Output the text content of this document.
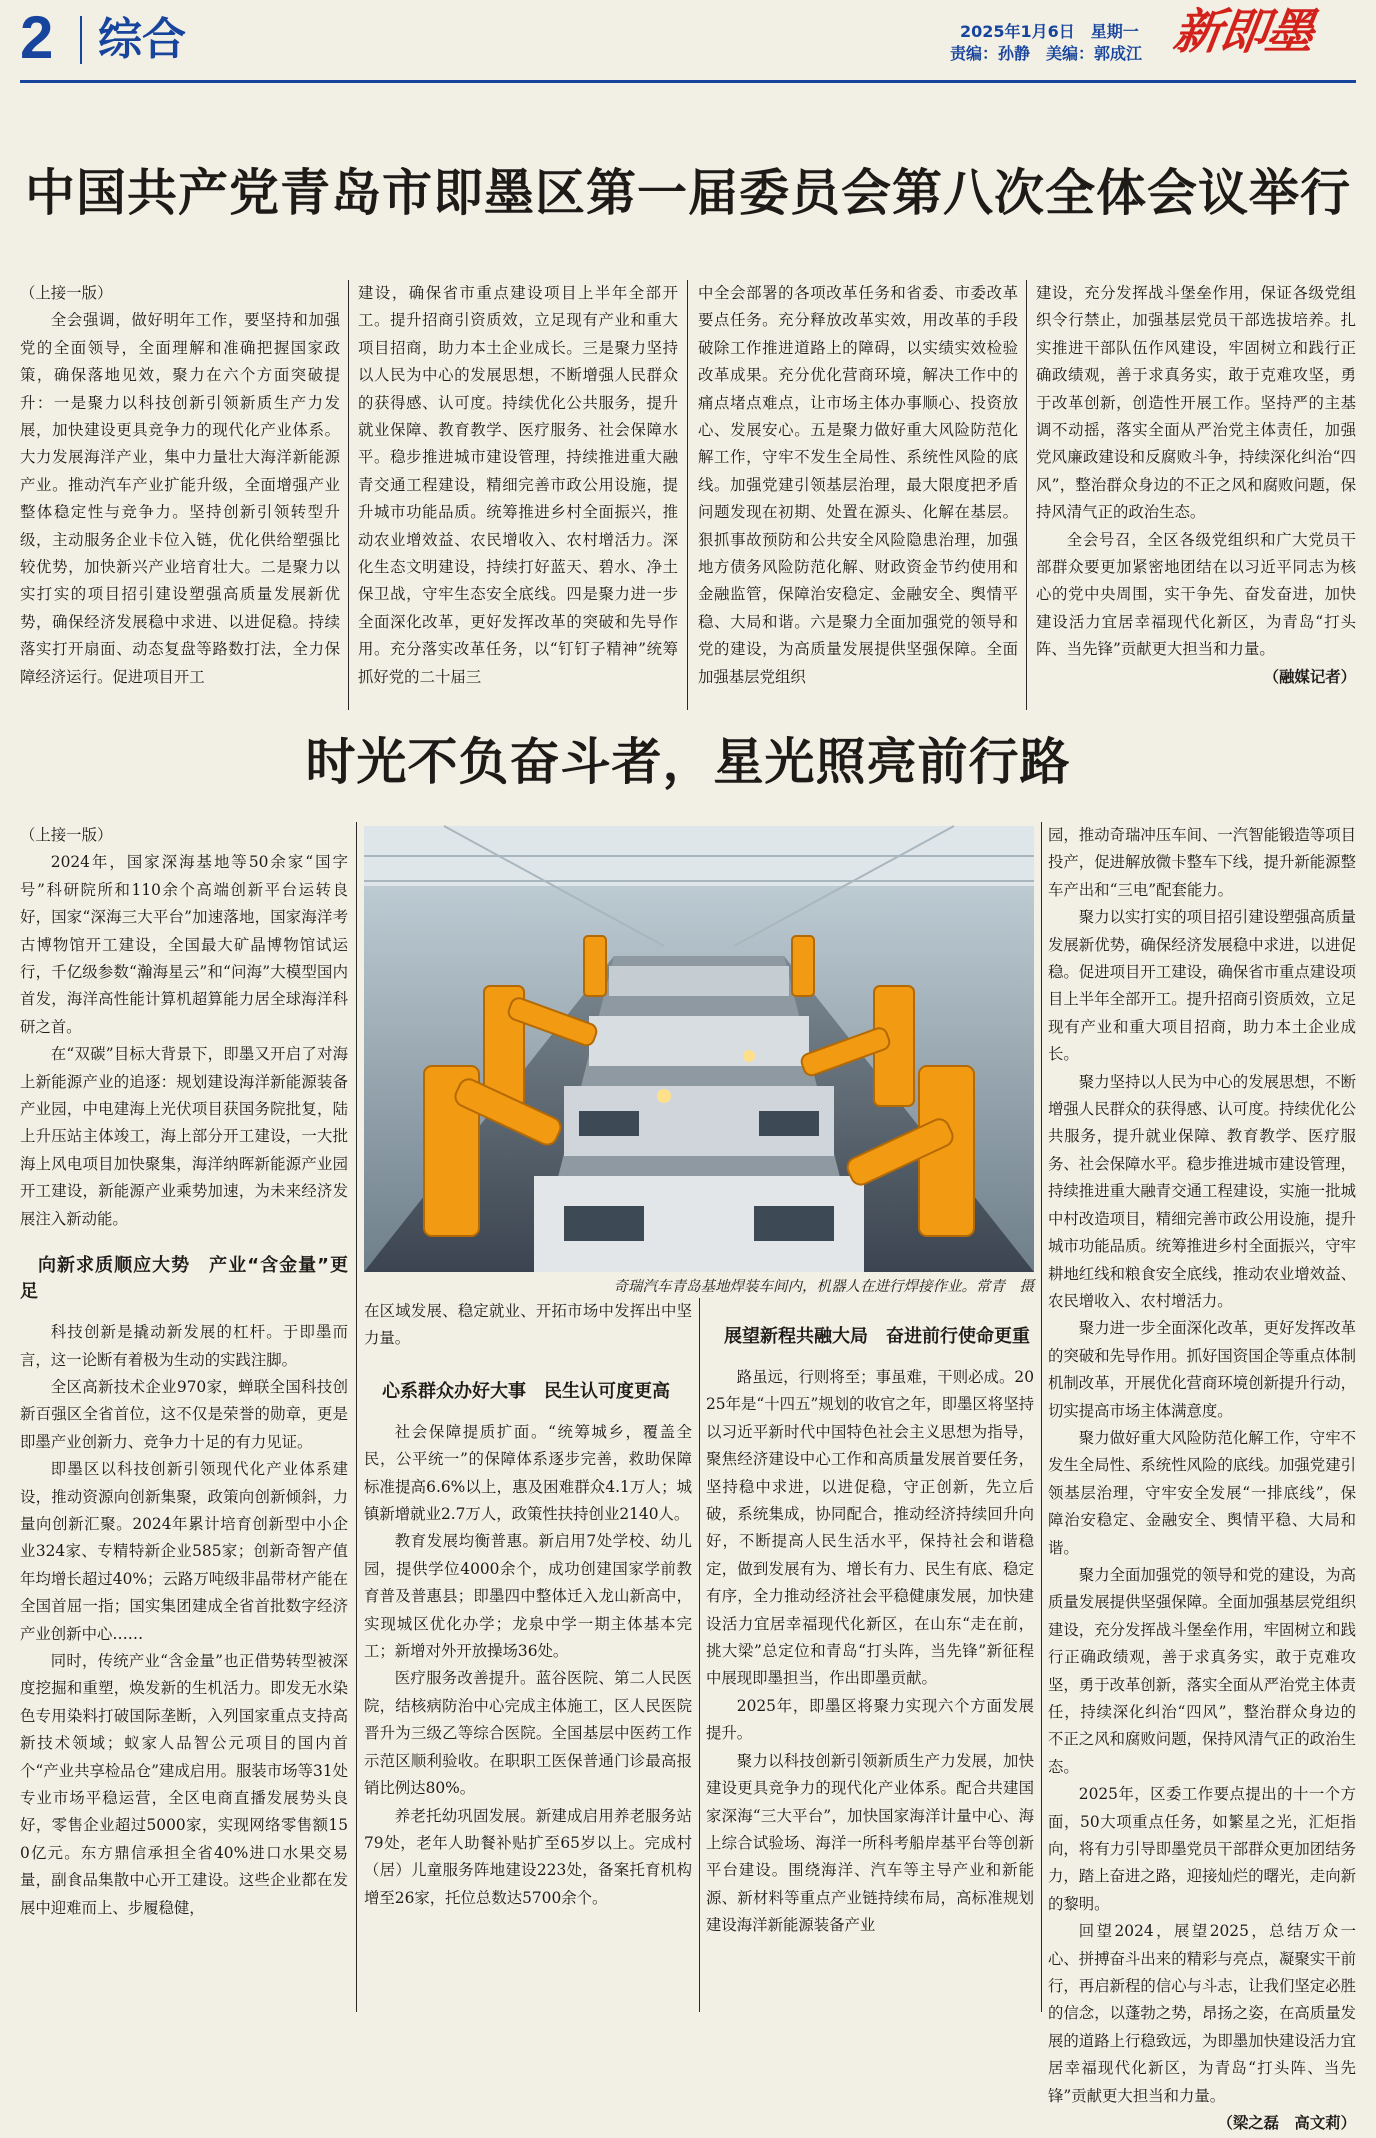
2 综合	2025年1月6日　星期一
责编：孙静　美编：郭成江 新即墨
中国共产党青岛市即墨区第一届委员会第八次全体会议举行

（上接一版）

全会强调，做好明年工作，要坚持和加强党的全面领导，全面理解和准确把握国家政策，确保落地见效，聚力在六个方面突破提升：一是聚力以科技创新引领新质生产力发展，加快建设更具竞争力的现代化产业体系。大力发展海洋产业，集中力量壮大海洋新能源产业。推动汽车产业扩能升级，全面增强产业整体稳定性与竞争力。坚持创新引领转型升级，主动服务企业卡位入链，优化供给塑强比较优势，加快新兴产业培育壮大。二是聚力以实打实的项目招引建设塑强高质量发展新优势，确保经济发展稳中求进、以进促稳。持续落实打开扇面、动态复盘等路数打法，全力保障经济运行。促进项目开工

建设，确保省市重点建设项目上半年全部开工。提升招商引资质效，立足现有产业和重大项目招商，助力本土企业成长。三是聚力坚持以人民为中心的发展思想，不断增强人民群众的获得感、认可度。持续优化公共服务，提升就业保障、教育教学、医疗服务、社会保障水平。稳步推进城市建设管理，持续推进重大融青交通工程建设，精细完善市政公用设施，提升城市功能品质。统筹推进乡村全面振兴，推动农业增效益、农民增收入、农村增活力。深化生态文明建设，持续打好蓝天、碧水、净土保卫战，守牢生态安全底线。四是聚力进一步全面深化改革，更好发挥改革的突破和先导作用。充分落实改革任务，以“钉钉子精神”统筹抓好党的二十届三

中全会部署的各项改革任务和省委、市委改革要点任务。充分释放改革实效，用改革的手段破除工作推进道路上的障碍，以实绩实效检验改革成果。充分优化营商环境，解决工作中的痛点堵点难点，让市场主体办事顺心、投资放心、发展安心。五是聚力做好重大风险防范化解工作，守牢不发生全局性、系统性风险的底线。加强党建引领基层治理，最大限度把矛盾问题发现在初期、处置在源头、化解在基层。狠抓事故预防和公共安全风险隐患治理，加强地方债务风险防范化解、财政资金节约使用和金融监管，保障治安稳定、金融安全、舆情平稳、大局和谐。六是聚力全面加强党的领导和党的建设，为高质量发展提供坚强保障。全面加强基层党组织

建设，充分发挥战斗堡垒作用，保证各级党组织令行禁止，加强基层党员干部选拔培养。扎实推进干部队伍作风建设，牢固树立和践行正确政绩观，善于求真务实，敢于克难攻坚，勇于改革创新，创造性开展工作。坚持严的主基调不动摇，落实全面从严治党主体责任，加强党风廉政建设和反腐败斗争，持续深化纠治“四风”，整治群众身边的不正之风和腐败问题，保持风清气正的政治生态。

全会号召，全区各级党组织和广大党员干部群众要更加紧密地团结在以习近平同志为核心的党中央周围，实干争先、奋发奋进，加快建设活力宜居幸福现代化新区，为青岛“打头阵、当先锋”贡献更大担当和力量。

（融媒记者）

时光不负奋斗者，星光照亮前行路

（上接一版）

2024年，国家深海基地等50余家“国字号”科研院所和110余个高端创新平台运转良好，国家“深海三大平台”加速落地，国家海洋考古博物馆开工建设，全国最大矿晶博物馆试运行，千亿级参数“瀚海星云”和“问海”大模型国内首发，海洋高性能计算机超算能力居全球海洋科研之首。

在“双碳”目标大背景下，即墨又开启了对海上新能源产业的追逐：规划建设海洋新能源装备产业园，中电建海上光伏项目获国务院批复，陆上升压站主体竣工，海上部分开工建设，一大批海上风电项目加快聚集，海洋纳晖新能源产业园开工建设，新能源产业乘势加速，为未来经济发展注入新动能。

向新求质顺应大势　产业“含金量”更足

科技创新是撬动新发展的杠杆。于即墨而言，这一论断有着极为生动的实践注脚。

全区高新技术企业970家，蝉联全国科技创新百强区全省首位，这不仅是荣誉的勋章，更是即墨产业创新力、竞争力十足的有力见证。

即墨区以科技创新引领现代化产业体系建设，推动资源向创新集聚，政策向创新倾斜，力量向创新汇聚。2024年累计培育创新型中小企业324家、专精特新企业585家；创新奇智产值年均增长超过40%；云路万吨级非晶带材产能在全国首屈一指；国实集团建成全省首批数字经济产业创新中心……

同时，传统产业“含金量”也正借势转型被深度挖掘和重塑，焕发新的生机活力。即发无水染色专用染料打破国际垄断，入列国家重点支持高新技术领域；蚁家人品智公元项目的国内首个“产业共享检品仓”建成启用。服装市场等31处专业市场平稳运营，全区电商直播发展势头良好，零售企业超过5000家，实现网络零售额150亿元。东方鼎信承担全省40%进口水果交易量，副食品集散中心开工建设。这些企业都在发展中迎难而上、步履稳健，

奇瑞汽车青岛基地焊装车间内，机器人在进行焊接作业。常青　摄

在区域发展、稳定就业、开拓市场中发挥出中坚力量。

心系群众办好大事　民生认可度更高

社会保障提质扩面。“统筹城乡，覆盖全民，公平统一”的保障体系逐步完善，救助保障标准提高6.6%以上，惠及困难群众4.1万人；城镇新增就业2.7万人，政策性扶持创业2140人。

教育发展均衡普惠。新启用7处学校、幼儿园，提供学位4000余个，成功创建国家学前教育普及普惠县；即墨四中整体迁入龙山新高中，实现城区优化办学；龙泉中学一期主体基本完工；新增对外开放操场36处。

医疗服务改善提升。蓝谷医院、第二人民医院，结核病防治中心完成主体施工，区人民医院晋升为三级乙等综合医院。全国基层中医药工作示范区顺利验收。在职职工医保普通门诊最高报销比例达80%。

养老托幼巩固发展。新建成启用养老服务站79处，老年人助餐补贴扩至65岁以上。完成村（居）儿童服务阵地建设223处，备案托育机构增至26家，托位总数达5700余个。

展望新程共融大局　奋进前行使命更重

路虽远，行则将至；事虽难，干则必成。2025年是“十四五”规划的收官之年，即墨区将坚持以习近平新时代中国特色社会主义思想为指导，聚焦经济建设中心工作和高质量发展首要任务，坚持稳中求进，以进促稳，守正创新，先立后破，系统集成，协同配合，推动经济持续回升向好，不断提高人民生活水平，保持社会和谐稳定，做到发展有为、增长有力、民生有底、稳定有序，全力推动经济社会平稳健康发展，加快建设活力宜居幸福现代化新区，在山东“走在前，挑大梁”总定位和青岛“打头阵，当先锋”新征程中展现即墨担当，作出即墨贡献。

2025年，即墨区将聚力实现六个方面发展提升。

聚力以科技创新引领新质生产力发展，加快建设更具竞争力的现代化产业体系。配合共建国家深海“三大平台”，加快国家海洋计量中心、海上综合试验场、海洋一所科考船岸基平台等创新平台建设。围绕海洋、汽车等主导产业和新能源、新材料等重点产业链持续布局，高标准规划建设海洋新能源装备产业

园，推动奇瑞冲压车间、一汽智能锻造等项目投产，促进解放微卡整车下线，提升新能源整车产出和“三电”配套能力。

聚力以实打实的项目招引建设塑强高质量发展新优势，确保经济发展稳中求进，以进促稳。促进项目开工建设，确保省市重点建设项目上半年全部开工。提升招商引资质效，立足现有产业和重大项目招商，助力本土企业成长。

聚力坚持以人民为中心的发展思想，不断增强人民群众的获得感、认可度。持续优化公共服务，提升就业保障、教育教学、医疗服务、社会保障水平。稳步推进城市建设管理，持续推进重大融青交通工程建设，实施一批城中村改造项目，精细完善市政公用设施，提升城市功能品质。统筹推进乡村全面振兴，守牢耕地红线和粮食安全底线，推动农业增效益、农民增收入、农村增活力。

聚力进一步全面深化改革，更好发挥改革的突破和先导作用。抓好国资国企等重点体制机制改革，开展优化营商环境创新提升行动，切实提高市场主体满意度。

聚力做好重大风险防范化解工作，守牢不发生全局性、系统性风险的底线。加强党建引领基层治理，守牢安全发展“一排底线”，保障治安稳定、金融安全、舆情平稳、大局和谐。

聚力全面加强党的领导和党的建设，为高质量发展提供坚强保障。全面加强基层党组织建设，充分发挥战斗堡垒作用，牢固树立和践行正确政绩观，善于求真务实，敢于克难攻坚，勇于改革创新，落实全面从严治党主体责任，持续深化纠治“四风”，整治群众身边的不正之风和腐败问题，保持风清气正的政治生态。

2025年，区委工作要点提出的十一个方面，50大项重点任务，如繁星之光，汇炬指向，将有力引导即墨党员干部群众更加团结务力，踏上奋进之路，迎接灿烂的曙光，走向新的黎明。

回望2024，展望2025，总结万众一心、拼搏奋斗出来的精彩与亮点，凝聚实干前行，再启新程的信心与斗志，让我们坚定必胜的信念，以蓬勃之势，昂扬之姿，在高质量发展的道路上行稳致远，为即墨加快建设活力宜居幸福现代化新区，为青岛“打头阵、当先锋”贡献更大担当和力量。

（梁之磊　高文莉）
